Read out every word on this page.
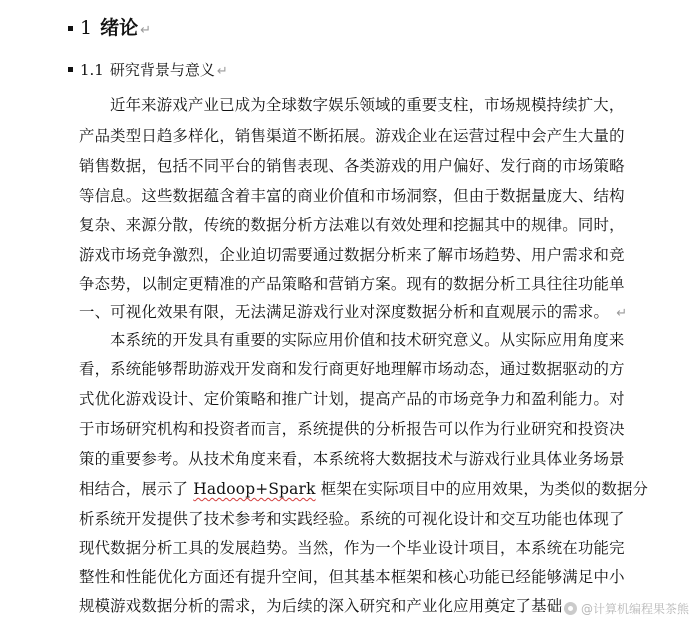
1 绪论 ↵
1.1 研究背景与意义 ↵
近年来游戏产业已成为全球数字娱乐领域的重要支柱，市场规模持续扩大，
产品类型日趋多样化，销售渠道不断拓展。游戏企业在运营过程中会产生大量的
销售数据，包括不同平台的销售表现、各类游戏的用户偏好、发行商的市场策略
等信息。这些数据蕴含着丰富的商业价值和市场洞察，但由于数据量庞大、结构
复杂、来源分散，传统的数据分析方法难以有效处理和挖掘其中的规律。同时，
游戏市场竞争激烈，企业迫切需要通过数据分析来了解市场趋势、用户需求和竞
争态势，以制定更精准的产品策略和营销方案。现有的数据分析工具往往功能单
一、可视化效果有限，无法满足游戏行业对深度数据分析和直观展示的需求。 ↵
本系统的开发具有重要的实际应用价值和技术研究意义。从实际应用角度来
看，系统能够帮助游戏开发商和发行商更好地理解市场动态，通过数据驱动的方
式优化游戏设计、定价策略和推广计划，提高产品的市场竞争力和盈利能力。对
于市场研究机构和投资者而言，系统提供的分析报告可以作为行业研究和投资决
策的重要参考。从技术角度来看，本系统将大数据技术与游戏行业具体业务场景
相结合，展示了 Hadoop+Spark 框架在实际项目中的应用效果，为类似的数据分
析系统开发提供了技术参考和实践经验。系统的可视化设计和交互功能也体现了
现代数据分析工具的发展趋势。当然，作为一个毕业设计项目，本系统在功能完
整性和性能优化方面还有提升空间，但其基本框架和核心功能已经能够满足中小
规模游戏数据分析的需求，为后续的深入研究和产业化应用奠定了基础 @计算机编程果茶熊
